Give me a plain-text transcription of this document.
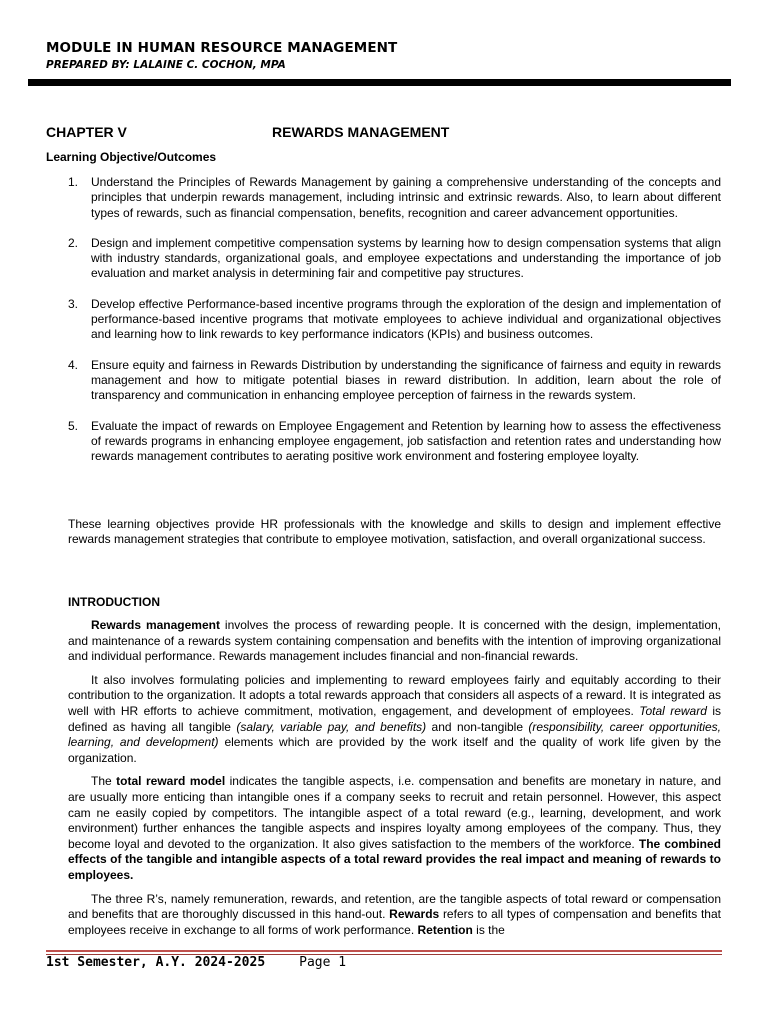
MODULE IN HUMAN RESOURCE MANAGEMENT
PREPARED BY: LALAINE C. COCHON, MPA
CHAPTER V	REWARDS MANAGEMENT
Learning Objective/Outcomes
1.	Understand the Principles of Rewards Management by gaining a comprehensive understanding of the concepts and principles that underpin rewards management, including intrinsic and extrinsic rewards. Also, to learn about different types of rewards, such as financial compensation, benefits, recognition and career advancement opportunities.
2.	Design and implement competitive compensation systems by learning how to design compensation systems that align with industry standards, organizational goals, and employee expectations and understanding the importance of job evaluation and market analysis in determining fair and competitive pay structures.
3.	Develop effective Performance-based incentive programs through the exploration of the design and implementation of performance-based incentive programs that motivate employees to achieve individual and organizational objectives and learning how to link rewards to key performance indicators (KPIs) and business outcomes.
4.	Ensure equity and fairness in Rewards Distribution by understanding the significance of fairness and equity in rewards management and how to mitigate potential biases in reward distribution. In addition, learn about the role of transparency and communication in enhancing employee perception of fairness in the rewards system.
5.	Evaluate the impact of rewards on Employee Engagement and Retention by learning how to assess the effectiveness of rewards programs in enhancing employee engagement, job satisfaction and retention rates and understanding how rewards management contributes to aerating positive work environment and fostering employee loyalty.

These learning objectives provide HR professionals with the knowledge and skills to design and implement effective rewards management strategies that contribute to employee motivation, satisfaction, and overall organizational success.

INTRODUCTION

Rewards management involves the process of rewarding people. It is concerned with the design, implementation, and maintenance of a rewards system containing compensation and benefits with the intention of improving organizational and individual performance. Rewards management includes financial and non-financial rewards.

It also involves formulating policies and implementing to reward employees fairly and equitably according to their contribution to the organization. It adopts a total rewards approach that considers all aspects of a reward. It is integrated as well with HR efforts to achieve commitment, motivation, engagement, and development of employees. Total reward is defined as having all tangible (salary, variable pay, and benefits) and non-tangible (responsibility, career opportunities, learning, and development) elements which are provided by the work itself and the quality of work life given by the organization.

The total reward model indicates the tangible aspects, i.e. compensation and benefits are monetary in nature, and are usually more enticing than intangible ones if a company seeks to recruit and retain personnel. However, this aspect cam ne easily copied by competitors. The intangible aspect of a total reward (e.g., learning, development, and work environment) further enhances the tangible aspects and inspires loyalty among employees of the company. Thus, they become loyal and devoted to the organization. It also gives satisfaction to the members of the workforce. The combined effects of the tangible and intangible aspects of a total reward provides the real impact and meaning of rewards to employees.

The three R’s, namely remuneration, rewards, and retention, are the tangible aspects of total reward or compensation and benefits that are thoroughly discussed in this hand-out. Rewards refers to all types of compensation and benefits that employees receive in exchange to all forms of work performance. Retention is the

1st Semester, A.Y. 2024-2025	Page 1
